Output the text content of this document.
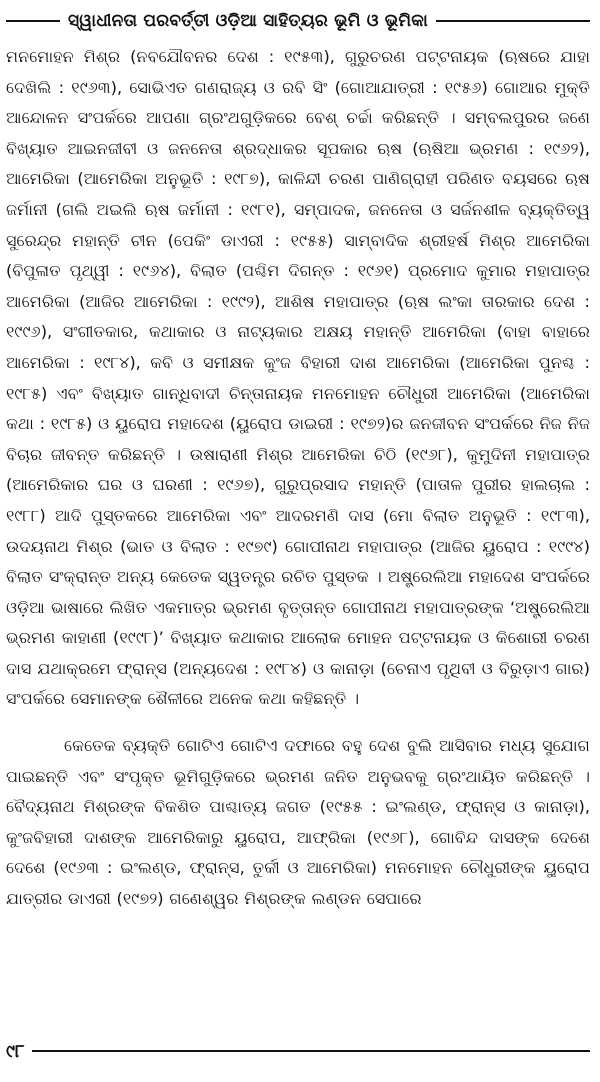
ସ୍ୱାଧୀନତା ପରବର୍ତ୍ତୀ ଓଡ଼ିଆ ସାହିତ୍ୟର ଭୂମି ଓ ଭୂମିକା

ମନମୋହନ ମିଶ୍ର (ନବଯୌବନର ଦେଶ : ୧୯୫୩), ଗୁରୁଚରଣ ପଟ୍ଟନାୟକ (ଋଷରେ ଯାହା ଦେଖିଲି : ୧୯୬୩), ସୋଭିଏତ ଗଣରାଜ୍ୟ ଓ ରବି ସିଂ (ଗୋଆଯାତ୍ରୀ : ୧୯୫୬) ଗୋଆର ମୁକ୍ତି ଆନ୍ଦୋଳନ ସଂପର୍କରେ ଆପଣା ଗ୍ରଂଥଗୁଡ଼ିକରେ ବେଶ୍ ଚର୍ଚ୍ଚା କରିଛନ୍ତି । ସମ୍ବଲପୁରର ଜଣେ ବିଖ୍ୟାତ ଆଇନଜୀବୀ ଓ ଜନନେତା ଶ୍ରଦ୍ଧାକର ସୂପକାର ଋଷ (ଋଷିଆ ଭ୍ରମଣ : ୧୯୬୨), ଆମେରିକା (ଆମେରିକା ଅନୁଭୂତି : ୧୯୮୭), କାଳିନ୍ଦୀ ଚରଣ ପାଣିଗ୍ରାହୀ ପରିଣତ ବୟସରେ ଋଷ ଜର୍ମାନୀ (ଗଲି ଅଇଲି ଋଷ ଜର୍ମାନୀ : ୧୯୮୧), ସମ୍ପାଦକ, ଜନନେତା ଓ ସର୍ଜନଶୀଳ ବ୍ୟକ୍ତିତ୍ୱ ସୁରେନ୍ଦ୍ର ମହାନ୍ତି ଚୀନ (ପେକିଂ ଡାଏରୀ : ୧୯୫୫) ସାମ୍ବାଦିକ ଶ୍ରୀହର୍ଷ ମିଶ୍ର ଆମେରିକା (ବିପୁଳାତ ପୃଥ୍ୱୀ : ୧୯୬୪), ବିଲାତ (ପଶ୍ଚିମ ଦିଗନ୍ତ : ୧୯୬୧) ପ୍ରମୋଦ କୁମାର ମହାପାତ୍ର ଆମେରିକା (ଆଜିର ଆମେରିକା : ୧୯୯୨), ଆଶିଷ ମହାପାତ୍ର (ଋଷ ଲଂକା ତାରକାର ଦେଶ : ୧୯୯୬), ସଂଗୀତକାର, କଥାକାର ଓ ନାଟ୍ୟକାର ଅକ୍ଷୟ ମହାନ୍ତି ଆମେରିକା (ବାହା ବାହାରେ ଆମେରିକା : ୧୯୮୪), କବି ଓ ସମୀକ୍ଷକ କୁଂଜ ବିହାରୀ ଦାଶ ଆମେରିକା (ଆମେରିକା ପୁନଶ୍ଚ : ୧୯୮୫) ଏବଂ ବିଖ୍ୟାତ ଗାନ୍ଧିବାଦୀ ଚିନ୍ତାନାୟକ ମନମୋହନ ଚୌଧୁରୀ ଆମେରିକା (ଆମେରିକା କଥା : ୧୯୮୫) ଓ ୟୁରୋପ ମହାଦେଶ (ୟୁରୋପ ଡାଇରୀ : ୧୯୭୨)ର ଜନଜୀବନ ସଂପର୍କରେ ନିଜ ନିଜ ବିଚାର ଜୀବନ୍ତ କରିଛନ୍ତି । ଉଷାରାଣୀ ମିଶ୍ର ଆମେରିକା ଚିଠି (୧୯୬୮), କୁମୁଦିନୀ ମହାପାତ୍ର (ଆମେରିକାର ଘର ଓ ଘରଣୀ : ୧୯୬୭), ଗୁରୁପ୍ରସାଦ ମହାନ୍ତି (ପାତାଳ ପୁରୀର ହାଲଚାଲ : ୧୯୮୮) ଆଦି ପୁସ୍ତକରେ ଆମେରିକା ଏବଂ ଆଦରମଣି ଦାସ (ମୋ ବିଲାତ ଅନୁଭୂତି : ୧୯୮୩), ଉଦୟନାଥ ମିଶ୍ର (ଭାତ ଓ ବିଲାତ : ୧୯୭୯) ଗୋପୀନାଥ ମହାପାତ୍ର (ଆଜିର ୟୁରୋପ : ୧୯୯୪) ବିଲାତ ସଂକ୍ରାନ୍ତ ଅନ୍ୟ କେତେକ ସ୍ୱତନ୍ତ୍ର ରଚିତ ପୁସ୍ତକ । ଅଷ୍ଟ୍ରେଲିଆ ମହାଦେଶ ସଂପର୍କରେ ଓଡ଼ିଆ ଭାଷାରେ ଲିଖିତ ଏକମାତ୍ର ଭ୍ରମଣ ବୃତ୍ତାନ୍ତ ଗୋପୀନାଥ ମହାପାତ୍ରଙ୍କ ‘ଅଷ୍ଟ୍ରେଲିଆ ଭ୍ରମଣ କାହାଣୀ (୧୯୯୮)’ ବିଖ୍ୟାତ କଥାକାର ଆଲୋକ ମୋହନ ପଟ୍ଟନାୟକ ଓ କିଶୋରୀ ଚରଣ ଦାସ ଯଥାକ୍ରମେ ଫ୍ରାନ୍ସ (ଅନ୍ୟଦେଶ : ୧୯୮୪) ଓ କାନାଡ଼ା (ଚେନାଏ ପୃଥିବୀ ଓ ବିରୁଡ଼ାଏ ଗାର) ସଂପର୍କରେ ସେମାନଙ୍କ ଶୈଳୀରେ ଅନେକ କଥା କହିଛନ୍ତି ।

କେତେକ ବ୍ୟକ୍ତି ଗୋଟିଏ ଗୋଟିଏ ଦଫାରେ ବହୁ ଦେଶ ବୁଲି ଆସିବାର ମଧ୍ୟ ସୁଯୋଗ ପାଇଛନ୍ତି ଏବଂ ସଂପୃକ୍ତ ଭୂମିଗୁଡ଼ିକରେ ଭ୍ରମଣ ଜନିତ ଅନୁଭବକୁ ଗ୍ରଂଥାୟିତ କରିଛନ୍ତି । ବୈଦ୍ୟନାଥ ମିଶ୍ରଙ୍କ ବିକଶିତ ପାଶ୍ଚାତ୍ୟ ଜଗତ (୧୯୫୫ : ଇଂଲଣ୍ଡ, ଫ୍ରାନ୍ସ ଓ କାନାଡ଼ା), କୁଂଜବିହାରୀ ଦାଶଙ୍କ ଆମେରିକାରୁ ୟୁରୋପ, ଆଫ୍ରିକା (୧୯୬୮), ଗୋବିନ୍ଦ ଦାସଙ୍କ ଦେଶେ ଦେଶେ (୧୯୬୩ : ଇଂଲଣ୍ଡ, ଫ୍ରାନ୍ସ, ତୁର୍କୀ ଓ ଆମେରିକା) ମନମୋହନ ଚୌଧୁରୀଙ୍କ ୟୁରୋପ ଯାତ୍ରୀର ଡାଏରୀ (୧୯୭୨) ଗଣେଶ୍ୱର ମିଶ୍ରଙ୍କ ଲଣ୍ଡନ ସେପାରେ

୯୮
